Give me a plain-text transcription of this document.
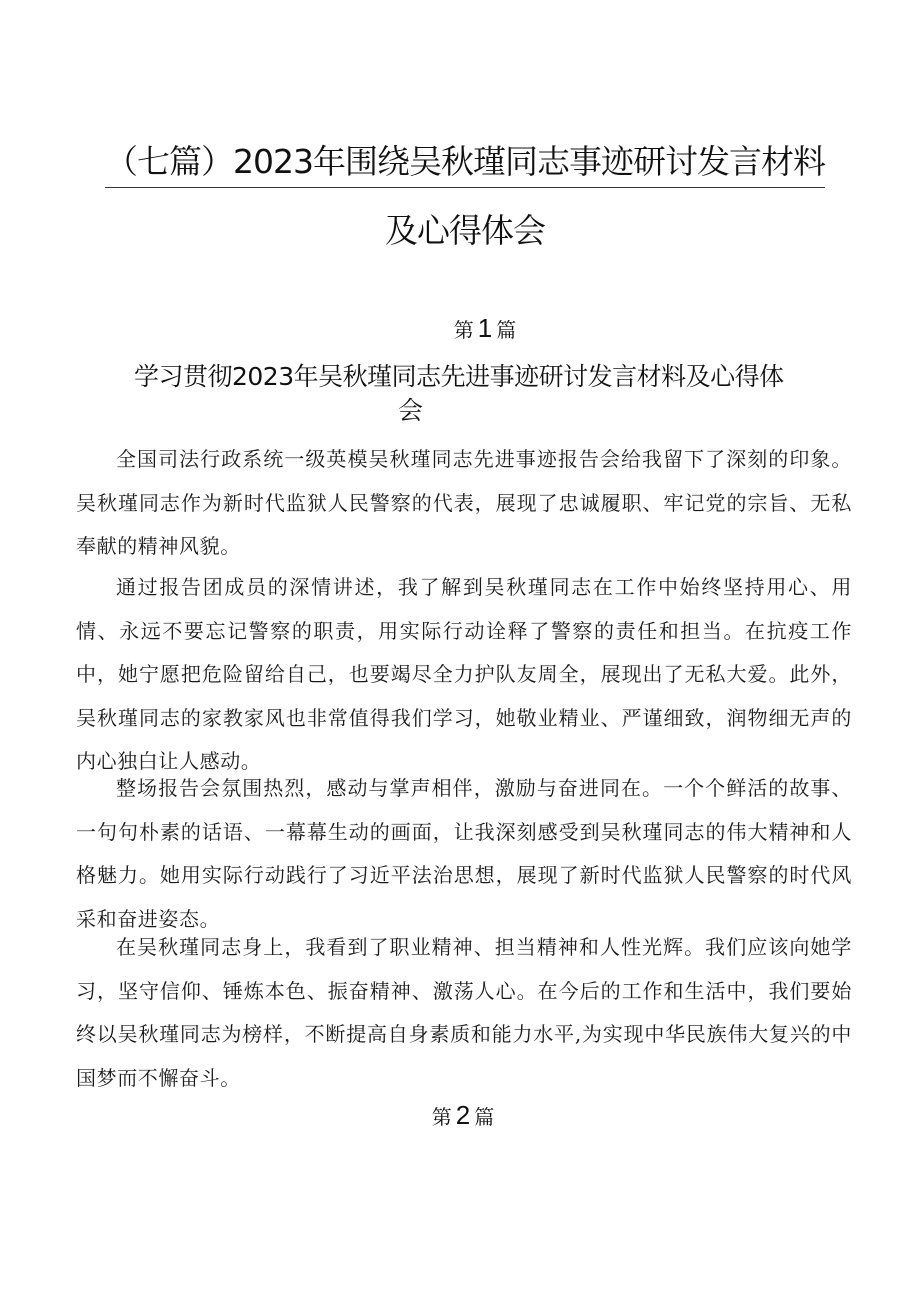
（七篇）2023年围绕吴秋瑾同志事迹研讨发言材料
及心得体会
第 1 篇
学习贯彻2023年吴秋瑾同志先进事迹研讨发言材料及心得体
会

全国司法行政系统一级英模吴秋瑾同志先进事迹报告会给我留下了深刻的印象。吴秋瑾同志作为新时代监狱人民警察的代表，展现了忠诚履职、牢记党的宗旨、无私奉献的精神风貌。

通过报告团成员的深情讲述，我了解到吴秋瑾同志在工作中始终坚持用心、用情、永远不要忘记警察的职责，用实际行动诠释了警察的责任和担当。在抗疫工作中，她宁愿把危险留给自己，也要竭尽全力护队友周全，展现出了无私大爱。此外，吴秋瑾同志的家教家风也非常值得我们学习，她敬业精业、严谨细致，润物细无声的内心独白让人感动。

整场报告会氛围热烈，感动与掌声相伴，激励与奋进同在。一个个鲜活的故事、一句句朴素的话语、一幕幕生动的画面，让我深刻感受到吴秋瑾同志的伟大精神和人格魅力。她用实际行动践行了习近平法治思想，展现了新时代监狱人民警察的时代风采和奋进姿态。

在吴秋瑾同志身上，我看到了职业精神、担当精神和人性光辉。我们应该向她学习，坚守信仰、锤炼本色、振奋精神、激荡人心。在今后的工作和生活中，我们要始终以吴秋瑾同志为榜样，不断提高自身素质和能力水平,为实现中华民族伟大复兴的中国梦而不懈奋斗。

第 2 篇
